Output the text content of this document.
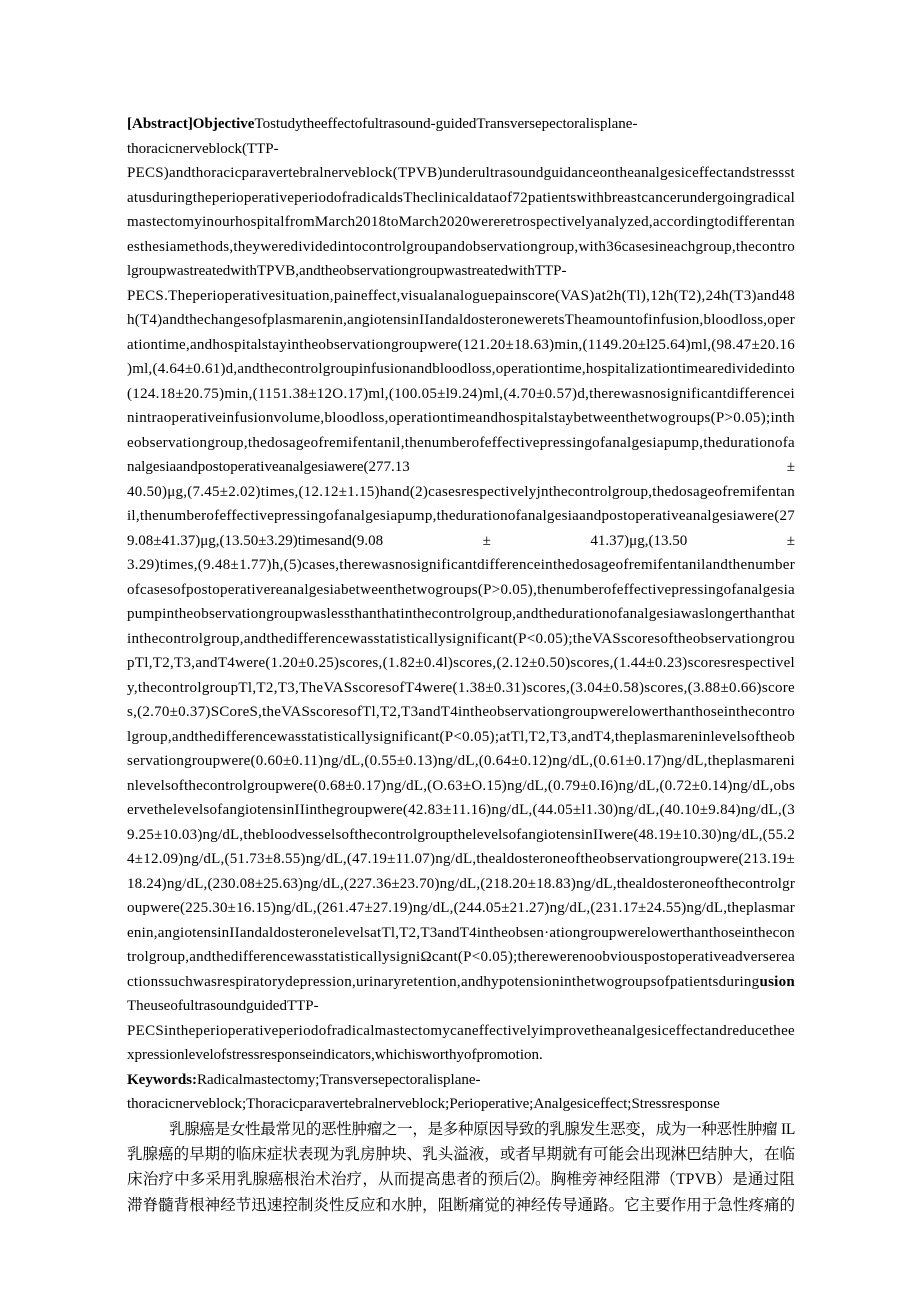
[Abstract]ObjectiveTostudytheeffectofultrasound-guidedTransversepectoralisplane-
thoracicnerveblock(TTP-
PECS)andthoracicparavertebralnerveblock(TPVB)underultrasoundguidanceontheanalgesiceffectandstressst
atusduringtheperioperativeperiodofradicaldsTheclinicaldataof72patientswithbreastcancerundergoingradical
mastectomyinourhospitalfromMarch2018toMarch2020wereretrospectivelyanalyzed,accordingtodifferentan
esthesiamethods,theyweredividedintocontrolgroupandobservationgroup,with36casesineachgroup,thecontro
lgroupwastreatedwithTPVB,andtheobservationgroupwastreatedwithTTP-
PECS.Theperioperativesituation,paineffect,visualanaloguepainscore(VAS)at2h(Tl),12h(T2),24h(T3)and48
h(T4)andthechangesofplasmarenin,angiotensinIIandaldosteroneweretsTheamountofinfusion,bloodloss,oper
ationtime,andhospitalstayintheobservationgroupwere(121.20±18.63)min,(1149.20±l25.64)ml,(98.47±20.16
)ml,(4.64±0.61)d,andthecontrolgroupinfusionandbloodloss,operationtime,hospitalizationtimearedividedinto
(124.18±20.75)min,(1151.38±12O.17)ml,(100.05±l9.24)ml,(4.70±0.57)d,therewasnosignificantdifferencei
nintraoperativeinfusionvolume,bloodloss,operationtimeandhospitalstaybetweenthetwogroups(P>0.05);inth
eobservationgroup,thedosageofremifentanil,thenumberofeffectivepressingofanalgesiapump,thedurationofa
nalgesiaandpostoperativeanalgesiawere(277.13	±
40.50)μg,(7.45±2.02)times,(12.12±1.15)hand(2)casesrespectivelyjnthecontrolgroup,thedosageofremifentan
il,thenumberofeffectivepressingofanalgesiapump,thedurationofanalgesiaandpostoperativeanalgesiawere(27
9.08±41.37)μg,(13.50±3.29)timesand(9.08	±	41.37)μg,(13.50	±
3.29)times,(9.48±1.77)h,(5)cases,therewasnosignificantdifferenceinthedosageofremifentanilandthenumber
ofcasesofpostoperativereanalgesiabetweenthetwogroups(P>0.05),thenumberofeffectivepressingofanalgesia
pumpintheobservationgroupwaslessthanthatinthecontrolgroup,andthedurationofanalgesiawaslongerthanthat
inthecontrolgroup,andthedifferencewasstatisticallysignificant(P<0.05);theVASscoresoftheobservationgrou
pTl,T2,T3,andT4were(1.20±0.25)scores,(1.82±0.4l)scores,(2.12±0.50)scores,(1.44±0.23)scoresrespectivel
y,thecontrolgroupTl,T2,T3,TheVASscoresofT4were(1.38±0.31)scores,(3.04±0.58)scores,(3.88±0.66)score
s,(2.70±0.37)SCoreS,theVASscoresofTl,T2,T3andT4intheobservationgroupwerelowerthanthoseinthecontro
lgroup,andthedifferencewasstatisticallysignificant(P<0.05);atTl,T2,T3,andT4,theplasmareninlevelsoftheob
servationgroupwere(0.60±0.11)ng/dL,(0.55±0.13)ng/dL,(0.64±0.12)ng/dL,(0.61±0.17)ng/dL,theplasmareni
nlevelsofthecontrolgroupwere(0.68±0.17)ng/dL,(O.63±O.15)ng/dL,(0.79±0.I6)ng/dL,(0.72±0.14)ng/dL,obs
ervethelevelsofangiotensinIIinthegroupwere(42.83±11.16)ng/dL,(44.05±l1.30)ng/dL,(40.10±9.84)ng/dL,(3
9.25±10.03)ng/dL,thebloodvesselsofthecontrolgroupthelevelsofangiotensinIIwere(48.19±10.30)ng/dL,(55.2
4±12.09)ng/dL,(51.73±8.55)ng/dL,(47.19±11.07)ng/dL,thealdosteroneoftheobservationgroupwere(213.19±
18.24)ng/dL,(230.08±25.63)ng/dL,(227.36±23.70)ng/dL,(218.20±18.83)ng/dL,thealdosteroneofthecontrolgr
oupwere(225.30±16.15)ng/dL,(261.47±27.19)ng/dL,(244.05±21.27)ng/dL,(231.17±24.55)ng/dL,theplasmar
enin,angiotensinIIandaldosteronelevelsatTl,T2,T3andT4intheobsen·ationgroupwerelowerthanthoseinthecon
trolgroup,andthedifferencewasstatisticallysigniΩcant(P<0.05);therewerenoobviouspostoperativeadverserea
ctionssuchwasrespiratorydepression,urinaryretention,andhypotensioninthetwogroupsofpatientsduringusion
TheuseofultrasoundguidedTTP-
PECSintheperioperativeperiodofradicalmastectomycaneffectivelyimprovetheanalgesiceffectandreducethee
xpressionlevelofstressresponseindicators,whichisworthyofpromotion.
Keywords:Radicalmastectomy;Transversepectoralisplane-
thoracicnerveblock;Thoracicparavertebralnerveblock;Perioperative;Analgesiceffect;Stressresponse
乳腺癌是女性最常见的恶性肿瘤之一，是多种原因导致的乳腺发生恶变，成为一种恶性肿瘤 IL
乳腺癌的早期的临床症状表现为乳房肿块、乳头溢液，或者早期就有可能会出现淋巴结肿大，在临
床治疗中多采用乳腺癌根治术治疗，从而提高患者的预后⑵。胸椎旁神经阻滞（TPVB）是通过阻
滞脊髓背根神经节迅速控制炎性反应和水肿，阻断痛觉的神经传导通路。它主要作用于急性疼痛的
